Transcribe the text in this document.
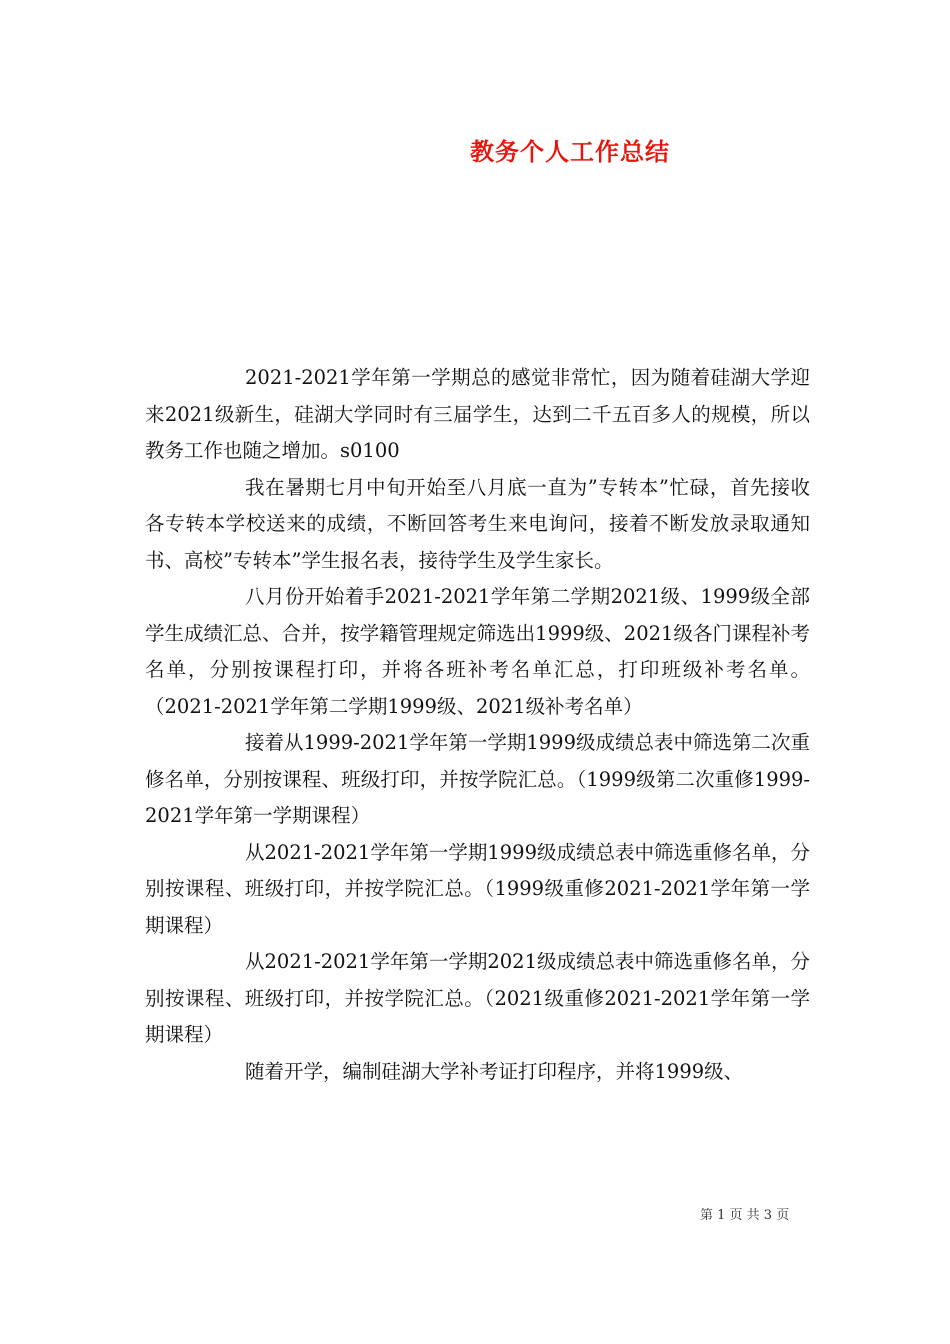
教务个人工作总结

2021-2021学年第一学期总的感觉非常忙，因为随着硅湖大学迎来2021级新生，硅湖大学同时有三届学生，达到二千五百多人的规模，所以教务工作也随之增加。s0100

我在暑期七月中旬开始至八月底一直为”专转本”忙碌，首先接收各专转本学校送来的成绩，不断回答考生来电询问，接着不断发放录取通知书、高校”专转本”学生报名表，接待学生及学生家长。

八月份开始着手2021-2021学年第二学期2021级、1999级全部学生成绩汇总、合并，按学籍管理规定筛选出1999级、2021级各门课程补考名单，分别按课程打印，并将各班补考名单汇总，打印班级补考名单。（2021-2021学年第二学期1999级、2021级补考名单）

接着从1999-2021学年第一学期1999级成绩总表中筛选第二次重修名单，分别按课程、班级打印，并按学院汇总。（1999级第二次重修1999-2021学年第一学期课程）

从2021-2021学年第一学期1999级成绩总表中筛选重修名单，分别按课程、班级打印，并按学院汇总。（1999级重修2021-2021学年第一学期课程）

从2021-2021学年第一学期2021级成绩总表中筛选重修名单，分别按课程、班级打印，并按学院汇总。（2021级重修2021-2021学年第一学期课程）

随着开学，编制硅湖大学补考证打印程序，并将1999级、

第 1 页 共 3 页
